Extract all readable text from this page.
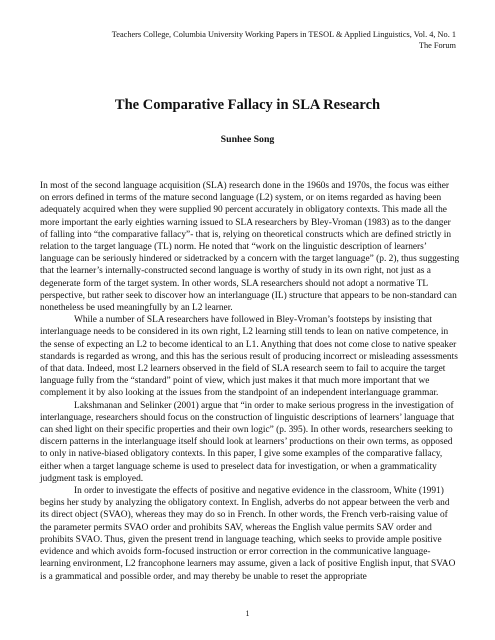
Teachers College, Columbia University Working Papers in TESOL & Applied Linguistics, Vol. 4, No. 1
The Forum
The Comparative Fallacy in SLA Research
Sunhee Song

In most of the second language acquisition (SLA) research done in the 1960s and 1970s, the focus was either on errors defined in terms of the mature second language (L2) system, or on items regarded as having been adequately acquired when they were supplied 90 percent accurately in obligatory contexts. This made all the more important the early eighties warning issued to SLA researchers by Bley-Vroman (1983) as to the danger of falling into “the comparative fallacy”- that is, relying on theoretical constructs which are defined strictly in relation to the target language (TL) norm. He noted that “work on the linguistic description of learners’ language can be seriously hindered or sidetracked by a concern with the target language” (p. 2), thus suggesting that the learner’s internally-constructed second language is worthy of study in its own right, not just as a degenerate form of the target system. In other words, SLA researchers should not adopt a normative TL perspective, but rather seek to discover how an interlanguage (IL) structure that appears to be non-standard can nonetheless be used meaningfully by an L2 learner.

While a number of SLA researchers have followed in Bley-Vroman’s footsteps by insisting that interlanguage needs to be considered in its own right, L2 learning still tends to lean on native competence, in the sense of expecting an L2 to become identical to an L1. Anything that does not come close to native speaker standards is regarded as wrong, and this has the serious result of producing incorrect or misleading assessments of that data. Indeed, most L2 learners observed in the field of SLA research seem to fail to acquire the target language fully from the “standard” point of view, which just makes it that much more important that we complement it by also looking at the issues from the standpoint of an independent interlanguage grammar.

Lakshmanan and Selinker (2001) argue that “in order to make serious progress in the investigation of interlanguage, researchers should focus on the construction of linguistic descriptions of learners’ language that can shed light on their specific properties and their own logic” (p. 395). In other words, researchers seeking to discern patterns in the interlanguage itself should look at learners’ productions on their own terms, as opposed to only in native-biased obligatory contexts. In this paper, I give some examples of the comparative fallacy, either when a target language scheme is used to preselect data for investigation, or when a grammaticality judgment task is employed.

In order to investigate the effects of positive and negative evidence in the classroom, White (1991) begins her study by analyzing the obligatory context. In English, adverbs do not appear between the verb and its direct object (SVAO), whereas they may do so in French. In other words, the French verb-raising value of the parameter permits SVAO order and prohibits SAV, whereas the English value permits SAV order and prohibits SVAO. Thus, given the present trend in language teaching, which seeks to provide ample positive evidence and which avoids form-focused instruction or error correction in the communicative language-learning environment, L2 francophone learners may assume, given a lack of positive English input, that SVAO is a grammatical and possible order, and may thereby be unable to reset the appropriate

1
